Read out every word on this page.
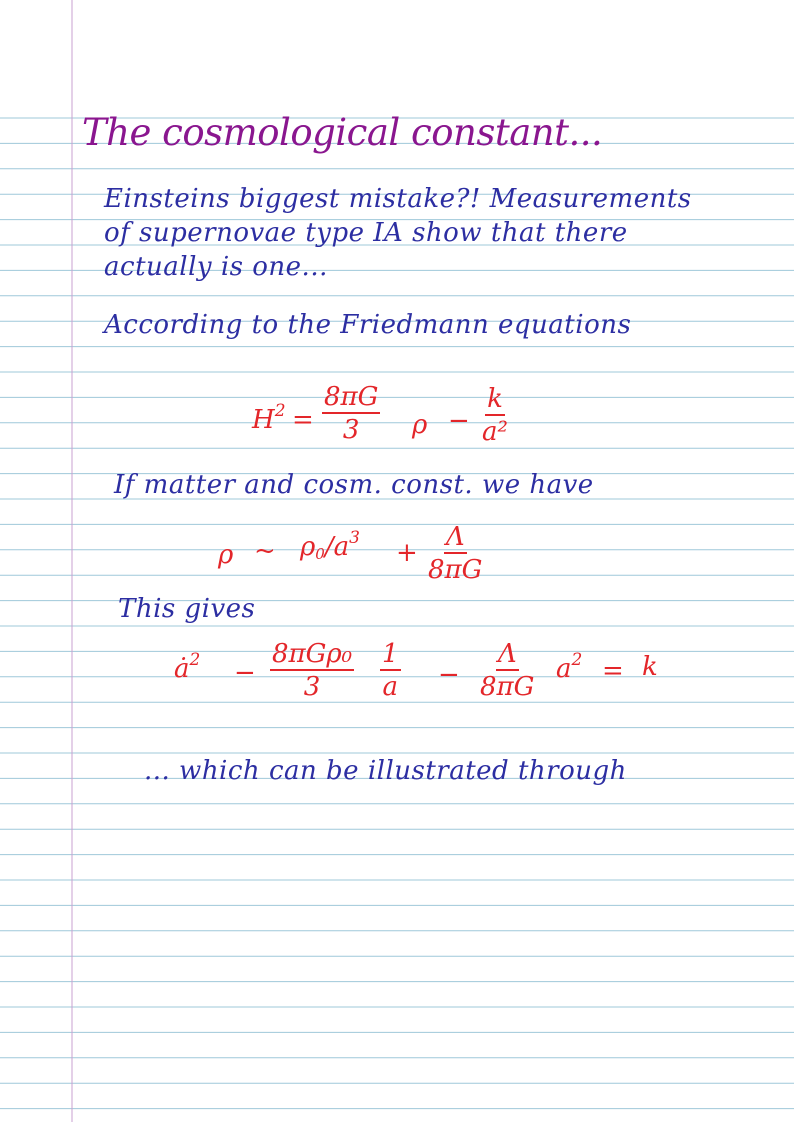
The cosmological constant...
Einsteins biggest mistake?! Measurements
of supernovae type IA show that there
actually is one...
According to the Friedmann equations
$H^2 = \frac{8\pi G}{3}$ $\rho - \frac{k}{\text{a²}}$
If matter and cosm. const. we have
ρ ~ $\rho_0/a^3 + \frac{\Lambda}{8\pi G}$
This gives
$ȧ^2$ −
8πGρ₀
$3 \frac{1}{a} - \frac{\Lambda}{8\pi G} a^2 = k$
... which can be illustrated through
